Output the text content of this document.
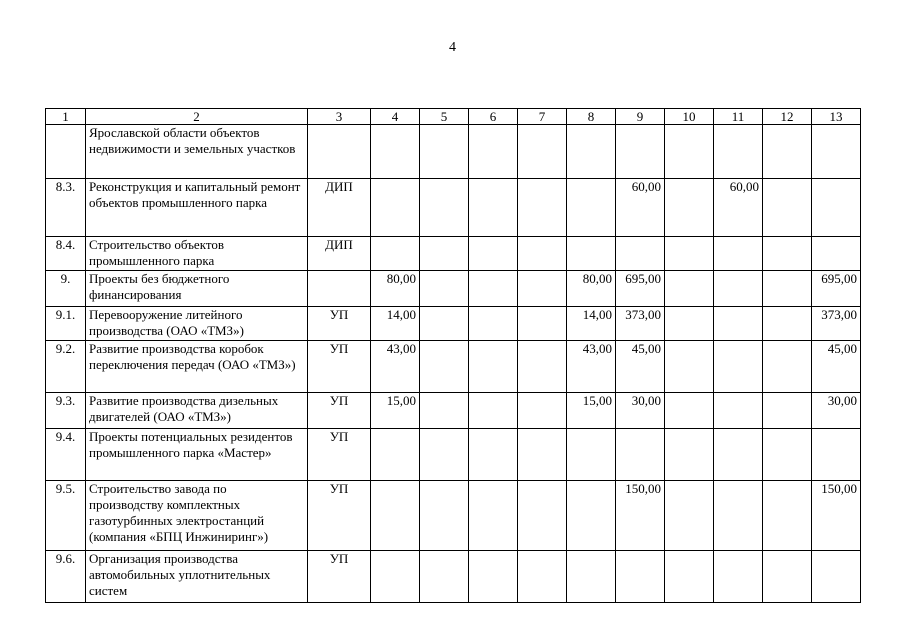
4
1	2	3	4	5	6	7	8	9	10	11	12	13
	Ярославской области объектов недвижимости и земельных участков											
8.3.	Реконструкция и капитальный ремонт объектов промышленного парка	ДИП						60,00		60,00		
8.4.	Строительство объектов промышленного парка	ДИП										
9.	Проекты без бюджетного финансирования		80,00				80,00	695,00				695,00
9.1.	Перевооружение литейного производства (ОАО «ТМЗ»)	УП	14,00				14,00	373,00				373,00
9.2.	Развитие производства коробок переключения передач (ОАО «ТМЗ»)	УП	43,00				43,00	45,00				45,00
9.3.	Развитие производства дизельных двигателей (ОАО «ТМЗ»)	УП	15,00				15,00	30,00				30,00
9.4.	Проекты потенциальных резидентов промышленного парка «Мастер»	УП										
9.5.	Строительство завода по производству комплектных газотурбинных электростанций (компания «БПЦ Инжиниринг»)	УП						150,00				150,00
9.6.	Организация производства автомобильных уплотнительных систем	УП										
